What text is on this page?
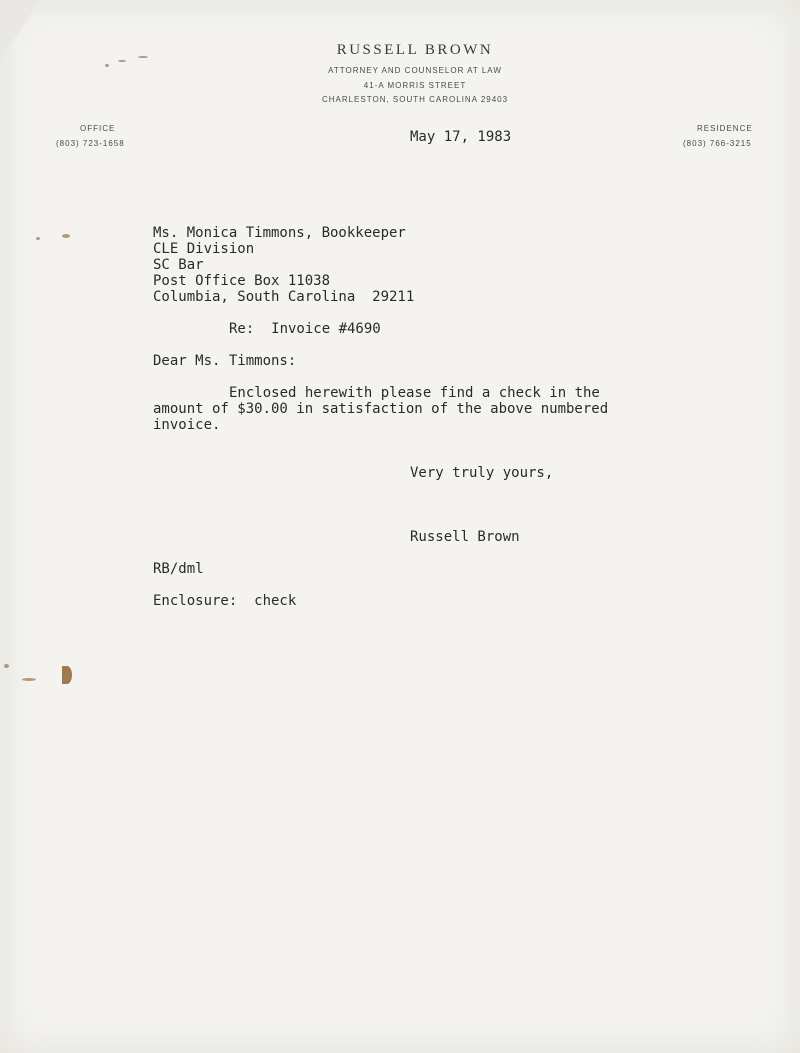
RUSSELL BROWN
ATTORNEY AND COUNSELOR AT LAW
41-A MORRIS STREET
CHARLESTON, SOUTH CAROLINA 29403
OFFICE
(803) 723-1658
RESIDENCE
(803) 766-3215
May 17, 1983
Ms. Monica Timmons, Bookkeeper
CLE Division
SC Bar
Post Office Box 11038
Columbia, South Carolina  29211
Re:  Invoice #4690
Dear Ms. Timmons:
Enclosed herewith please find a check in the
amount of $30.00 in satisfaction of the above numbered
invoice.
Very truly yours,
Russell Brown
RB/dml
Enclosure:  check
